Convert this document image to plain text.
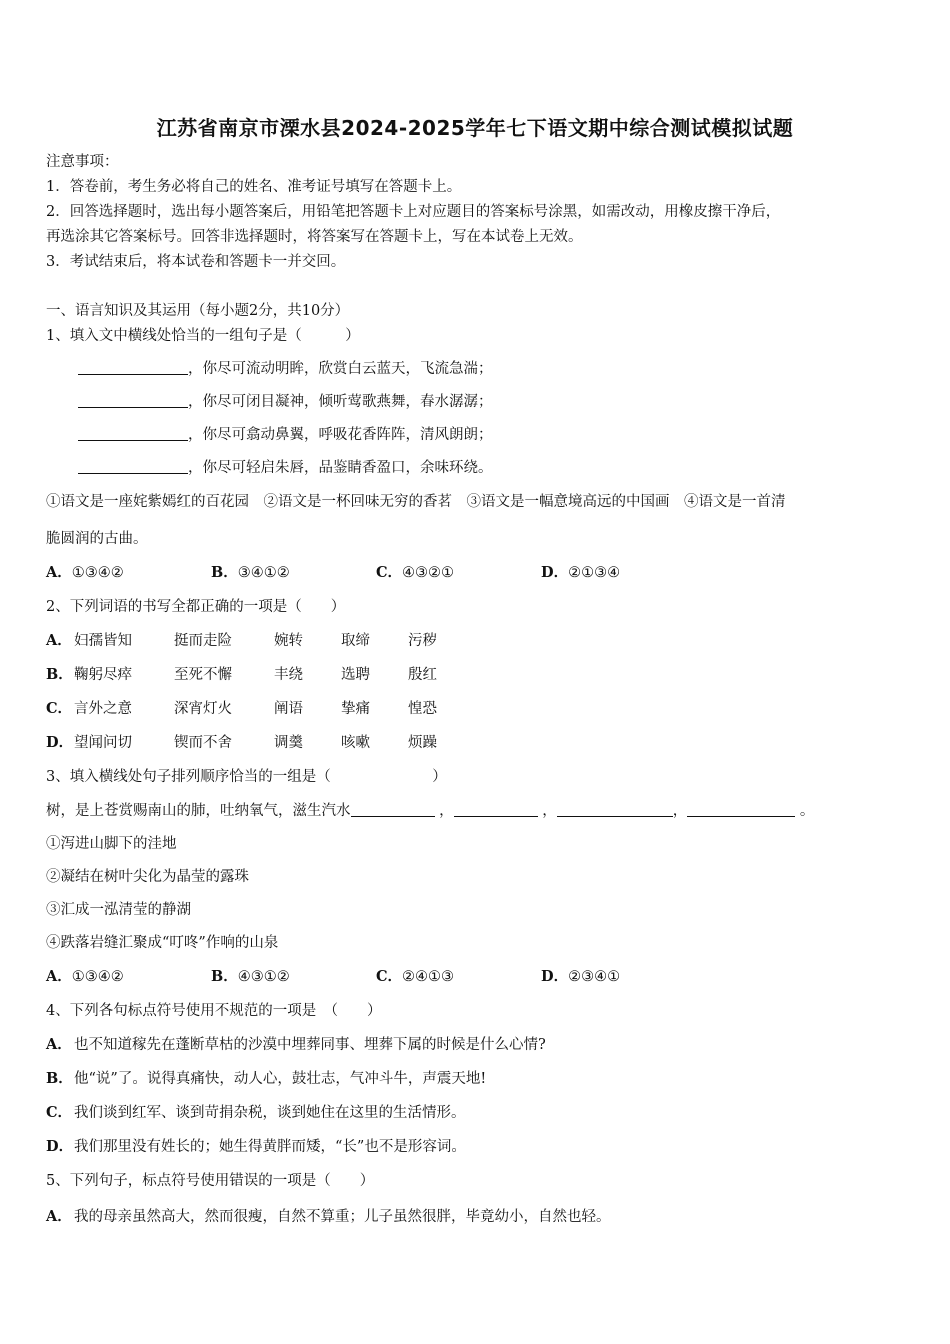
江苏省南京市溧水县2024-2025学年七下语文期中综合测试模拟试题
注意事项：
1．答卷前，考生务必将自己的姓名、准考证号填写在答题卡上。
2．回答选择题时，选出每小题答案后，用铅笔把答题卡上对应题目的答案标号涂黑，如需改动，用橡皮擦干净后，
再选涂其它答案标号。回答非选择题时，将答案写在答题卡上，写在本试卷上无效。
3．考试结束后，将本试卷和答题卡一并交回。
一、语言知识及其运用（每小题2分，共10分）
1、填入文中横线处恰当的一组句子是（　　　）
，你尽可流动明眸，欣赏白云蓝天，飞流急湍；
，你尽可闭目凝神，倾听莺歌燕舞，春水潺潺；
，你尽可翕动鼻翼，呼吸花香阵阵，清风朗朗；
，你尽可轻启朱唇，品鉴睛香盈口，余味环绕。
①语文是一座姹紫嫣红的百花园　②语文是一杯回味无穷的香茗　③语文是一幅意境高远的中国画　④语文是一首清
脆圆润的古曲。
A．①③④②	B．③④①②	C．④③②①	D．②①③④
2、下列词语的书写全都正确的一项是（　　）
A． 妇孺皆知	挺而走险	婉转	取缔	污秽
B．鞠躬尽瘁	至死不懈	丰绕	选聘	殷红
C． 言外之意	深宵灯火	阐语	挚痛	惶恐
D．望闻问切	锲而不舍	调羹	咳嗽	烦躁
3、填入横线处句子排列顺序恰当的一组是（　　　　　　　）
树，是上苍赏赐南山的肺，吐纳氧气，滋生汽水	，	，	，	。
①泻进山脚下的洼地
②凝结在树叶尖化为晶莹的露珠
③汇成一泓清莹的静湖
④跌落岩缝汇聚成“叮咚”作响的山泉
A．①③④②	B．④③①②	C．②④①③	D．②③④①
4、下列各句标点符号使用不规范的一项是　（　　）
A． 也不知道稼先在蓬断草枯的沙漠中埋葬同事、埋葬下属的时候是什么心情?
B．他“说”了。说得真痛快，动人心，鼓壮志，气冲斗牛，声震天地!
C． 我们谈到红军、谈到苛捐杂税，谈到她住在这里的生活情形。
D．我们那里没有姓长的；她生得黄胖而矮，“长”也不是形容词。
5、下列句子，标点符号使用错误的一项是（　　）
A． 我的母亲虽然高大，然而很瘦，自然不算重；儿子虽然很胖，毕竟幼小，自然也轻。
